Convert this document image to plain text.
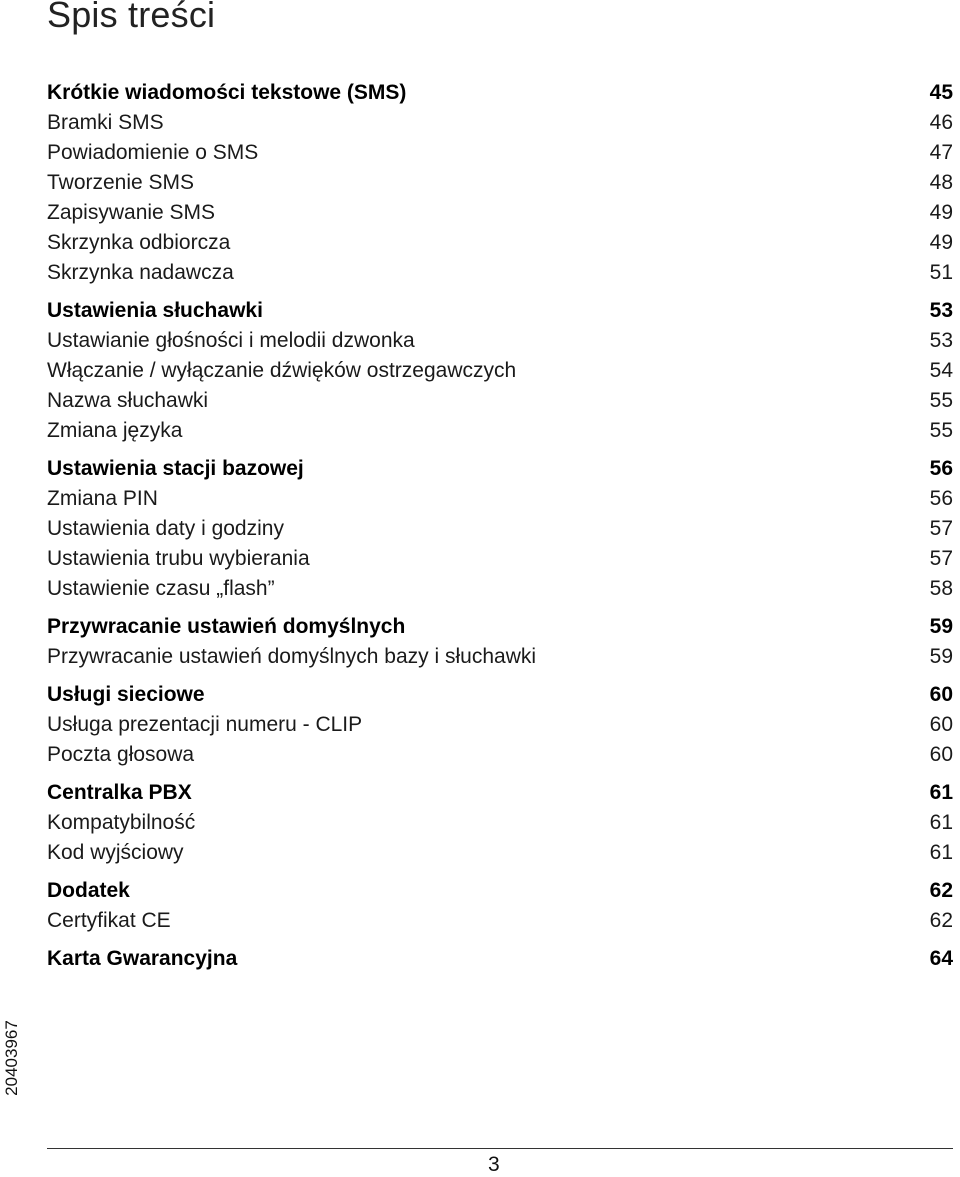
Spis treści
Krótkie wiadomości tekstowe (SMS)	45
Bramki SMS	46
Powiadomienie o SMS	47
Tworzenie SMS	48
Zapisywanie SMS	49
Skrzynka odbiorcza	49
Skrzynka nadawcza	51
Ustawienia słuchawki	53
Ustawianie głośności i melodii dzwonka	53
Włączanie / wyłączanie dźwięków ostrzegawczych	54
Nazwa słuchawki	55
Zmiana języka	55
Ustawienia stacji bazowej	56
Zmiana PIN	56
Ustawienia daty i godziny	57
Ustawienia trubu wybierania	57
Ustawienie czasu „flash”	58
Przywracanie ustawień domyślnych	59
Przywracanie ustawień domyślnych bazy i słuchawki	59
Usługi sieciowe	60
Usługa prezentacji numeru - CLIP	60
Poczta głosowa	60
Centralka PBX	61
Kompatybilność	61
Kod wyjściowy	61
Dodatek	62
Certyfikat CE	62
Karta Gwarancyjna	64
20403967
3
